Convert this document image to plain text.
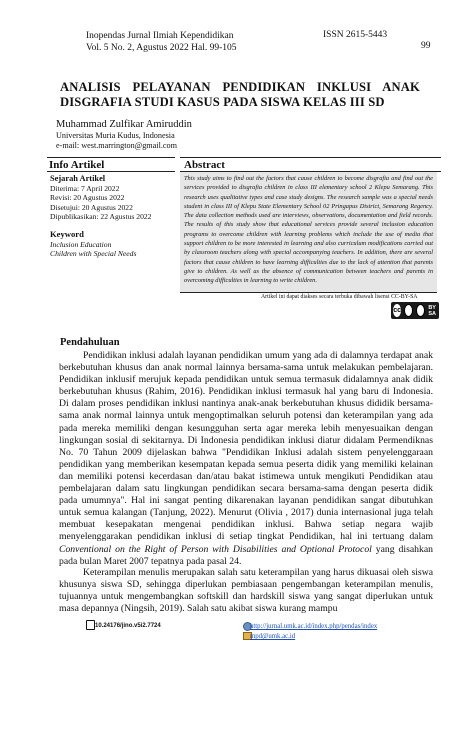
Inopendas Jurnal Ilmiah Kependidikan
Vol. 5 No. 2, Agustus 2022 Hal. 99-105
ISSN 2615-5443
99
ANALISIS PELAYANAN PENDIDIKAN INKLUSI ANAK
DISGRAFIA STUDI KASUS PADA SISWA KELAS III SD
Muhammad Zulfikar Amiruddin
Universitas Muria Kudus, Indonesia
e-mail: west.marrington@gmail.com
Info Artikel
Sejarah Artikel
Diterima: 7 April 2022
Revisi: 20 Agustus 2022
Disetujui: 20 Agustus 2022
Dipublikasikan: 22 Agustus 2022
Keyword
Inclusion Education
Children with Special Needs
Abstract
This study aims to find out the factors that cause children to become disgrafia and find out the services provided to disgrafia children in class III elementary school 2 Klepu Semarang. This research uses qualitative types and case study designs. The research sample was a special needs student in class III of Klepu State Elementary School 02 Pringapus District, Semarang Regency. The data collection methods used are interviews, observations, documentation and field records. The results of this study show that educational services provide several inclusion education programs to overcome children with learning problems which include the use of media that support children to be more interested in learning and also curriculum modifications carried out by classroom teachers along with special accompanying teachers. In addition, there are several factors that cause children to have learning difficulties due to the lack of attention that parents give to children. As well as the absence of communication between teachers and parents in overcoming difficulties in learning to write children.
Artikel ini dapat diakses secara terbuka dibawah lisensi CC-BY-SA
cc	BY SA
Pendahuluan
Pendidikan inklusi adalah layanan pendidikan umum yang ada di dalamnya terdapat anak berkebutuhan khusus dan anak normal lainnya bersama-sama untuk melakukan pembelajaran. Pendidikan inklusif merujuk kepada pendidikan untuk semua termasuk didalamnya anak didik berkebutuhan khusus (Rahim, 2016). Pendidikan inklusi termasuk hal yang baru di Indonesia. Di dalam proses pendidikan inklusi nantinya anak-anak berkebutuhan khusus dididik bersama-sama anak normal lainnya untuk mengoptimalkan seluruh potensi dan keterampilan yang ada pada mereka memiliki dengan kesungguhan serta agar mereka lebih menyesuaikan dengan lingkungan sosial di sekitarnya. Di Indonesia pendidikan inklusi diatur didalam Permendiknas No. 70 Tahun 2009 dijelaskan bahwa "Pendidikan Inklusi adalah sistem penyelenggaraan pendidikan yang memberikan kesempatan kepada semua peserta didik yang memiliki kelainan dan memiliki potensi kecerdasan dan/atau bakat istimewa untuk mengikuti Pendidikan atau pembelajaran dalam satu lingkungan pendidikan secara bersama-sama dengan peserta didik pada umumnya". Hal ini sangat penting dikarenakan layanan pendidikan sangat dibutuhkan untuk semua kalangan (Tanjung, 2022). Menurut (Olivia , 2017) dunia internasional juga telah membuat kesepakatan mengenai pendidikan inklusi. Bahwa setiap negara wajib menyelenggarakan pendidikan inklusi di setiap tingkat Pendidikan, hal ini tertuang dalam Conventional on the Right of Person with Disabilities and Optional Protocol yang disahkan pada bulan Maret 2007 tepatnya pada pasal 24.
Keterampilan menulis merupakan salah satu keterampilan yang harus dikuasai oleh siswa khusunya siswa SD, sehingga diperlukan pembiasaan pengembangan keterampilan menulis, tujuannya untuk mengembangkan softskill dan hardskill siswa yang sangat diperlukan untuk masa depannya (Ningsih, 2019). Salah satu akibat siswa kurang mampu
10.24176/jino.v5i2.7724	http://jurnal.umk.ac.id/index.php/pendas/index
mpd@umk.ac.id
